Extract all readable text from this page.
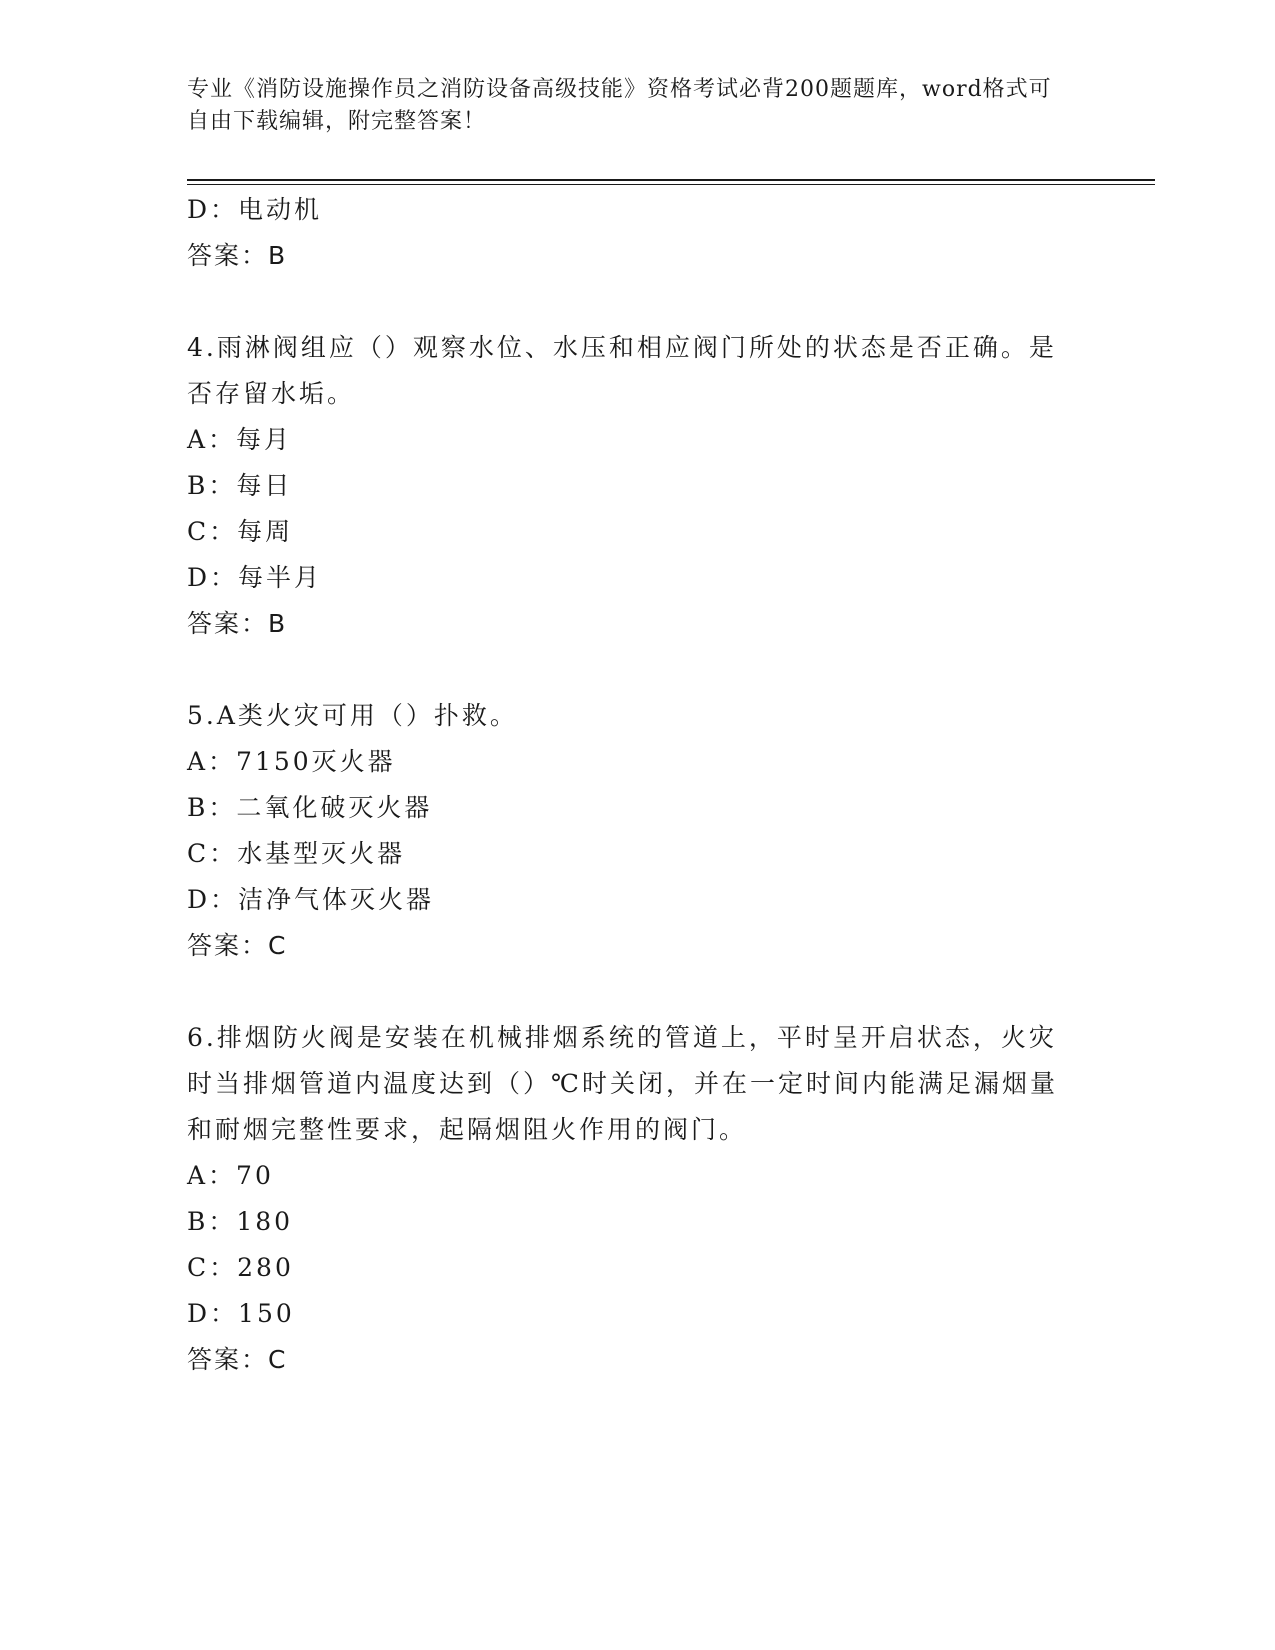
专业《消防设施操作员之消防设备高级技能》资格考试必背200题题库，word格式可自由下载编辑，附完整答案！
D：电动机
答案：B
4.雨淋阀组应（）观察水位、水压和相应阀门所处的状态是否正确。是否存留水垢。
A：每月
B：每日
C：每周
D：每半月
答案：B
5.A类火灾可用（）扑救。
A：7150灭火器
B：二氧化破灭火器
C：水基型灭火器
D：洁净气体灭火器
答案：C
6.排烟防火阀是安装在机械排烟系统的管道上，平时呈开启状态，火灾时当排烟管道内温度达到（）℃时关闭，并在一定时间内能满足漏烟量和耐烟完整性要求，起隔烟阻火作用的阀门。
A：70
B：180
C：280
D：150
答案：C
